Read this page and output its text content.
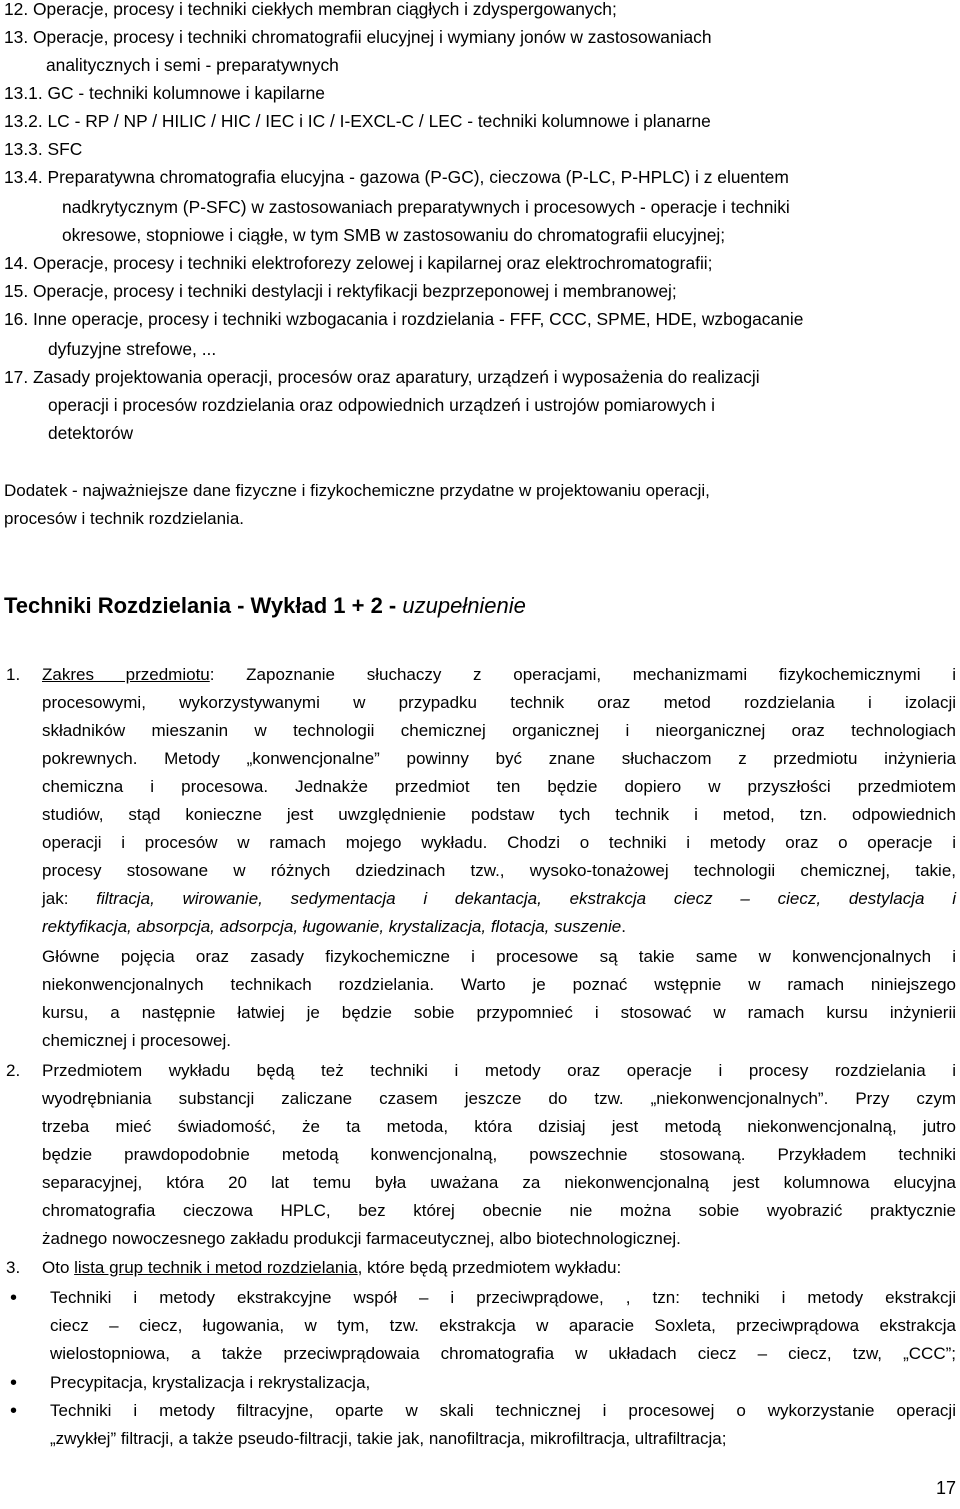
12. Operacje, procesy i techniki ciekłych membran ciągłych i zdyspergowanych;
13. Operacje, procesy i techniki chromatografii elucyjnej i wymiany jonów w zastosowaniach
analitycznych i semi - preparatywnych
13.1. GC - techniki kolumnowe i kapilarne
13.2. LC - RP / NP / HILIC / HIC / IEC i IC / I-EXCL-C / LEC - techniki kolumnowe i planarne
13.3. SFC
13.4. Preparatywna chromatografia elucyjna - gazowa (P-GC), cieczowa (P-LC, P-HPLC) i z eluentem
nadkrytycznym (P-SFC) w zastosowaniach preparatywnych i procesowych - operacje i techniki
okresowe, stopniowe i ciągłe, w tym SMB w zastosowaniu do chromatografii elucyjnej;
14. Operacje, procesy i techniki elektroforezy zelowej i kapilarnej oraz elektrochromatografii;
15. Operacje, procesy i techniki destylacji i rektyfikacji bezprzeponowej i membranowej;
16. Inne operacje, procesy i techniki wzbogacania i rozdzielania - FFF, CCC, SPME, HDE, wzbogacanie
dyfuzyjne strefowe, ...
17. Zasady projektowania operacji, procesów oraz aparatury, urządzeń i wyposażenia do realizacji
operacji i procesów rozdzielania oraz odpowiednich urządzeń i ustrojów pomiarowych i
detektorów
Dodatek - najważniejsze dane fizyczne i fizykochemiczne przydatne w projektowaniu operacji,
procesów i technik rozdzielania.
Techniki Rozdzielania - Wykład 1 + 2 - uzupełnienie
1. Zakres przedmiotu: Zapoznanie słuchaczy z operacjami, mechanizmami fizykochemicznymi i
procesowymi, wykorzystywanymi w przypadku technik oraz metod rozdzielania i izolacji
składników mieszanin w technologii chemicznej organicznej i nieorganicznej oraz technologiach
pokrewnych. Metody „konwencjonalne” powinny być znane słuchaczom z przedmiotu inżynieria
chemiczna i procesowa. Jednakże przedmiot ten będzie dopiero w przyszłości przedmiotem
studiów, stąd konieczne jest uwzględnienie podstaw tych technik i metod, tzn. odpowiednich
operacji i procesów w ramach mojego wykładu. Chodzi o techniki i metody oraz o operacje i
procesy stosowane w różnych dziedzinach tzw., wysoko-tonażowej technologii chemicznej, takie,
jak: filtracja, wirowanie, sedymentacja i dekantacja, ekstrakcja ciecz – ciecz, destylacja i
rektyfikacja, absorpcja, adsorpcja, ługowanie, krystalizacja, flotacja, suszenie.
Główne pojęcia oraz zasady fizykochemiczne i procesowe są takie same w konwencjonalnych i
niekonwencjonalnych technikach rozdzielania. Warto je poznać wstępnie w ramach niniejszego
kursu, a następnie łatwiej je będzie sobie przypomnieć i stosować w ramach kursu inżynierii
chemicznej i procesowej.
2. Przedmiotem wykładu będą też techniki i metody oraz operacje i procesy rozdzielania i
wyodrębniania substancji zaliczane czasem jeszcze do tzw. „niekonwencjonalnych”. Przy czym
trzeba mieć świadomość, że ta metoda, która dzisiaj jest metodą niekonwencjonalną, jutro
będzie prawdopodobnie metodą konwencjonalną, powszechnie stosowaną. Przykładem techniki
separacyjnej, która 20 lat temu była uważana za niekonwencjonalną jest kolumnowa elucyjna
chromatografia cieczowa HPLC, bez której obecnie nie można sobie wyobrazić praktycznie
żadnego nowoczesnego zakładu produkcji farmaceutycznej, albo biotechnologicznej.
3. Oto lista grup technik i metod rozdzielania, które będą przedmiotem wykładu:
• Techniki i metody ekstrakcyjne współ – i przeciwprądowe, , tzn: techniki i metody ekstrakcji
ciecz – ciecz, ługowania, w tym, tzw. ekstrakcja w aparacie Soxleta, przeciwprądowa ekstrakcja
wielostopniowa, a także przeciwprądowaia chromatografia w układach ciecz – ciecz, tzw, „CCC”;
• Precypitacja, krystalizacja i rekrystalizacja,
• Techniki i metody filtracyjne, oparte w skali technicznej i procesowej o wykorzystanie operacji
„zwykłej” filtracji, a także pseudo-filtracji, takie jak, nanofiltracja, mikrofiltracja, ultrafiltracja;
17
